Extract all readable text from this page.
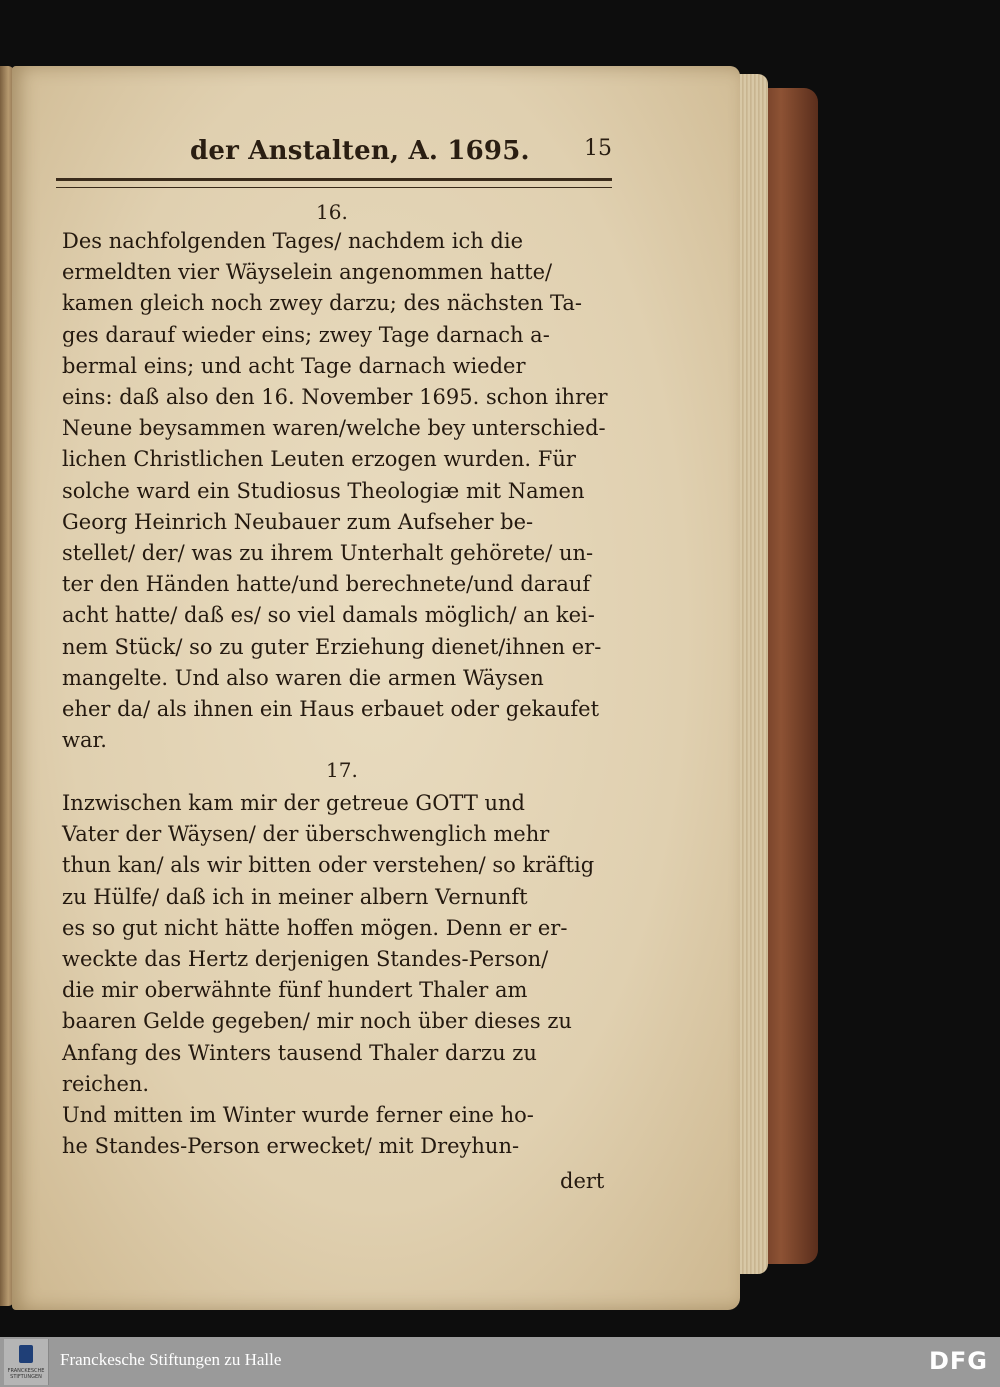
der Anstalten, A. 1695. 15
16.
Des nachfolgenden Tages/ nachdem ich die
ermeldten vier Wäyselein angenommen hatte/
kamen gleich noch zwey darzu; des nächsten Ta-
ges darauf wieder eins; zwey Tage darnach a-
bermal eins; und acht Tage darnach wieder
eins: daß also den 16. November 1695. schon ihrer
Neune beysammen waren/welche bey unterschied-
lichen Christlichen Leuten erzogen wurden. Für
solche ward ein Studiosus Theologiæ mit Namen
Georg Heinrich Neubauer zum Aufseher be-
stellet/ der/ was zu ihrem Unterhalt gehörete/ un-
ter den Händen hatte/und berechnete/und darauf
acht hatte/ daß es/ so viel damals möglich/ an kei-
nem Stück/ so zu guter Erziehung dienet/ihnen er-
mangelte. Und also waren die armen Wäysen
eher da/ als ihnen ein Haus erbauet oder gekaufet
war.
17.
Inzwischen kam mir der getreue GOTT und
Vater der Wäysen/ der überschwenglich mehr
thun kan/ als wir bitten oder verstehen/ so kräftig
zu Hülfe/ daß ich in meiner albern Vernunft
es so gut nicht hätte hoffen mögen. Denn er er-
weckte das Hertz derjenigen Standes-Person/
die mir oberwähnte fünf hundert Thaler am
baaren Gelde gegeben/ mir noch über dieses zu
Anfang des Winters tausend Thaler darzu zu
reichen.
Und mitten im Winter wurde ferner eine ho-
he Standes-Person erwecket/ mit Dreyhun-
dert
FRANCKESCHE STIFTUNGEN
Franckesche Stiftungen zu Halle	DFG
